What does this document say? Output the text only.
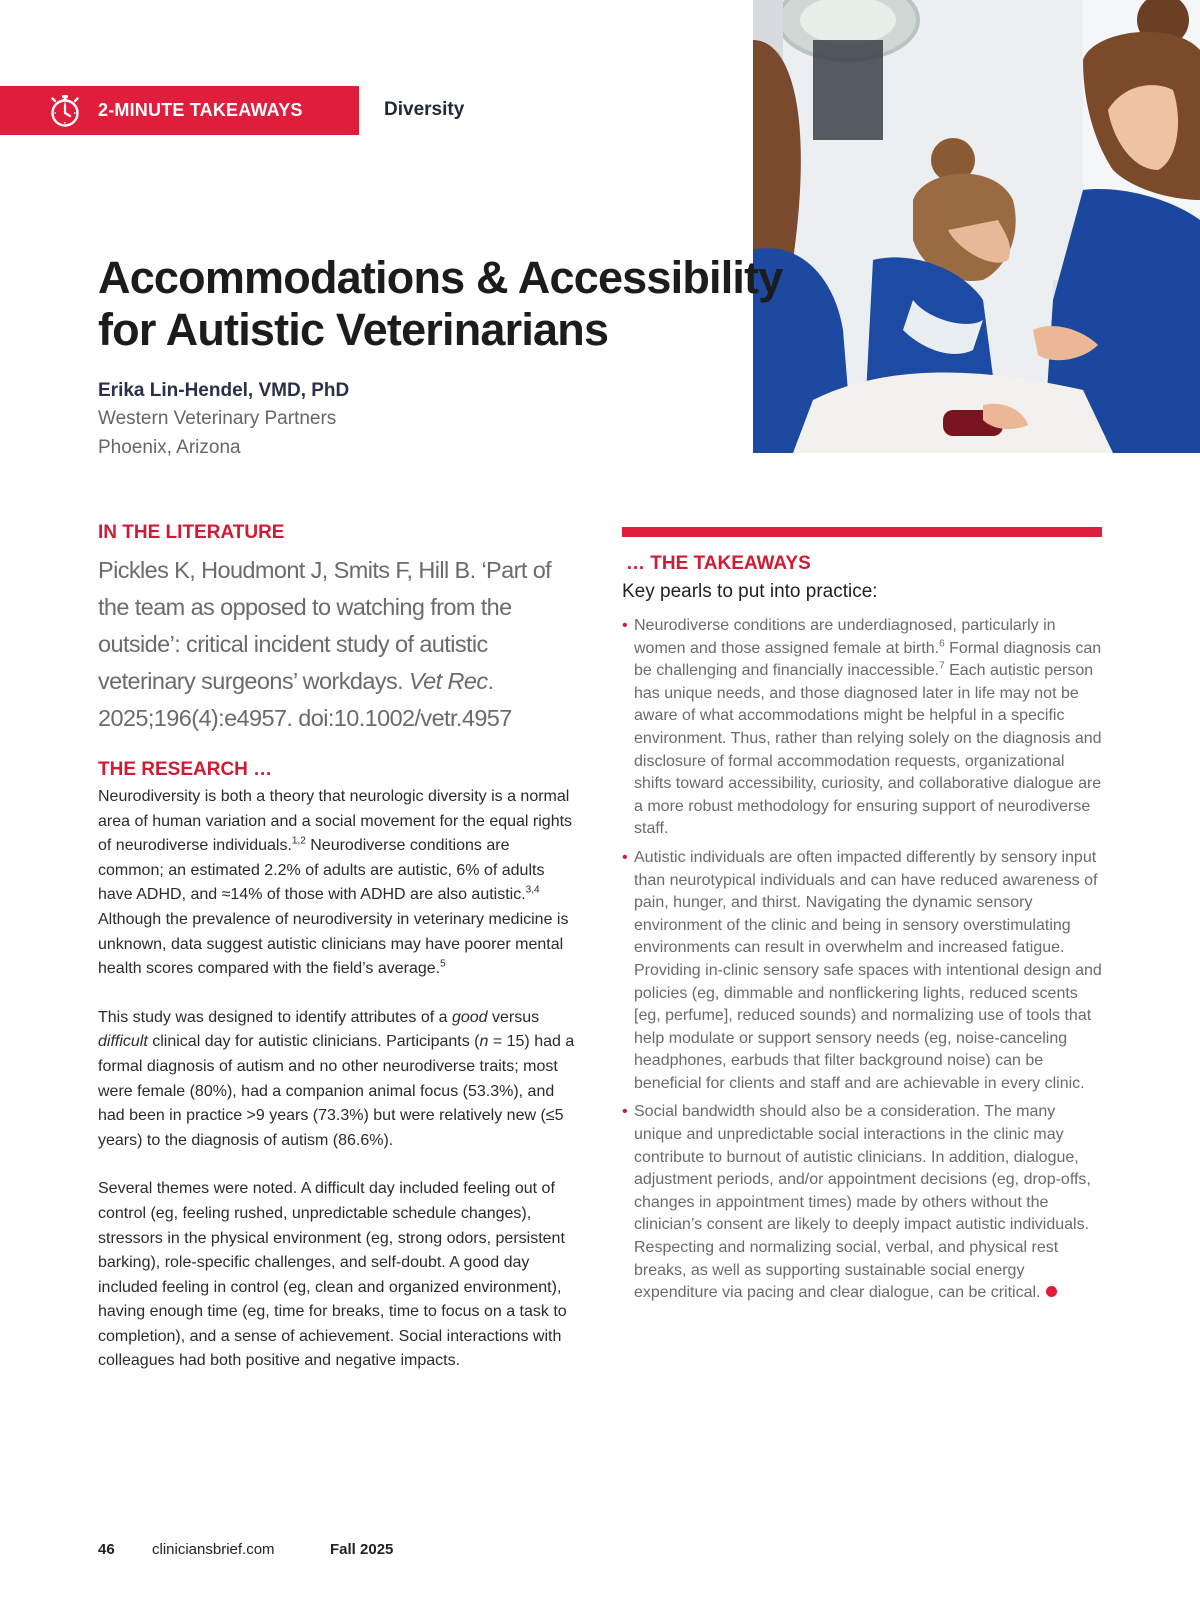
2-MINUTE TAKEAWAYS	Diversity
Accommodations & Accessibility
for Autistic Veterinarians
Erika Lin-Hendel, VMD, PhD
Western Veterinary Partners
Phoenix, Arizona
IN THE LITERATURE

Pickles K, Houdmont J, Smits F, Hill B. ‘Part of the team as opposed to watching from the outside’: critical incident study of autistic veterinary surgeons’ workdays. Vet Rec. 2025;196(4):e4957. doi:10.1002/vetr.4957

THE RESEARCH …

Neurodiversity is both a theory that neurologic diversity is a normal area of human variation and a social movement for the equal rights of neurodiverse individuals.$^{1,2}$ Neurodiverse conditions are common; an estimated 2.2% of adults are autistic, 6% of adults have ADHD, and ≈14% of those with ADHD are also autistic.$^{3,4}$ Although the prevalence of neurodiversity in veterinary medicine is unknown, data suggest autistic clinicians may have poorer mental health scores compared with the field’s average.$^5$

This study was designed to identify attributes of a good versus difficult clinical day for autistic clinicians. Participants (n = 15) had a formal diagnosis of autism and no other neurodiverse traits; most were female (80%), had a companion animal focus (53.3%), and had been in practice >9 years (73.3%) but were relatively new (≤5 years) to the diagnosis of autism (86.6%).

Several themes were noted. A difficult day included feeling out of control (eg, feeling rushed, unpredictable schedule changes), stressors in the physical environment (eg, strong odors, persistent barking), role-specific challenges, and self-doubt. A good day included feeling in control (eg, clean and organized environment), having enough time (eg, time for breaks, time to focus on a task to completion), and a sense of achievement. Social interactions with colleagues had both positive and negative impacts.

… THE TAKEAWAYS
Key pearls to put into practice:
• Neurodiverse conditions are underdiagnosed, particularly in women and those assigned female at birth.$^6$ Formal diagnosis can be challenging and financially inaccessible.$^7$ Each autistic person has unique needs, and those diagnosed later in life may not be aware of what accommodations might be helpful in a specific environment. Thus, rather than relying solely on the diagnosis and disclosure of formal accommodation requests, organizational shifts toward accessibility, curiosity, and collaborative dialogue are a more robust methodology for ensuring support of neurodiverse staff.
• Autistic individuals are often impacted differently by sensory input than neurotypical individuals and can have reduced awareness of pain, hunger, and thirst. Navigating the dynamic sensory environment of the clinic and being in sensory overstimulating environments can result in overwhelm and increased fatigue. Providing in-clinic sensory safe spaces with intentional design and policies (eg, dimmable and nonflickering lights, reduced scents [eg, perfume], reduced sounds) and normalizing use of tools that help modulate or support sensory needs (eg, noise-canceling headphones, earbuds that filter background noise) can be beneficial for clients and staff and are achievable in every clinic.
• Social bandwidth should also be a consideration. The many unique and unpredictable social interactions in the clinic may contribute to burnout of autistic clinicians. In addition, dialogue, adjustment periods, and/or appointment decisions (eg, drop-offs, changes in appointment times) made by others without the clinician’s consent are likely to deeply impact autistic individuals. Respecting and normalizing social, verbal, and physical rest breaks, as well as supporting sustainable social energy expenditure via pacing and clear dialogue, can be critical.
46 cliniciansbrief.com	Fall 2025
